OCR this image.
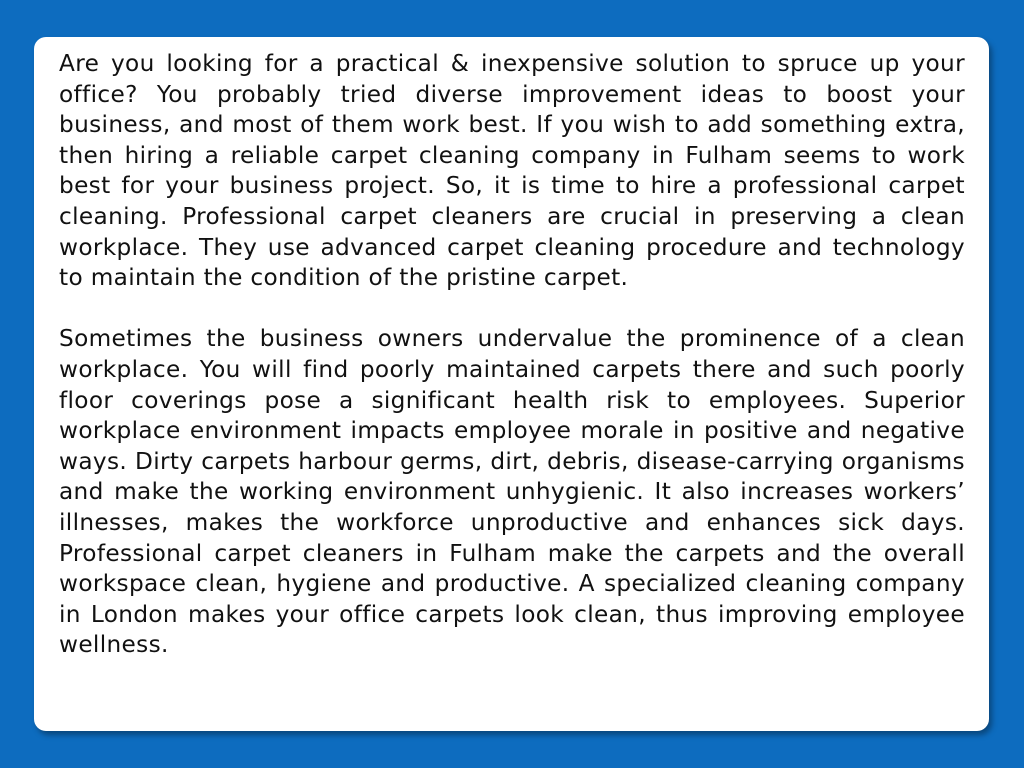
Are you looking for a practical & inexpensive solution to spruce up your office? You probably tried diverse improvement ideas to boost your business, and most of them work best. If you wish to add something extra, then hiring a reliable carpet cleaning company in Fulham seems to work best for your business project. So, it is time to hire a professional carpet cleaning. Professional carpet cleaners are crucial in preserving a clean workplace. They use advanced carpet cleaning procedure and technology to maintain the condition of the pristine carpet.

Sometimes the business owners undervalue the prominence of a clean workplace. You will find poorly maintained carpets there and such poorly floor coverings pose a significant health risk to employees. Superior workplace environment impacts employee morale in positive and negative ways. Dirty carpets harbour germs, dirt, debris, disease-carrying organisms and make the working environment unhygienic. It also increases workers’ illnesses, makes the workforce unproductive and enhances sick days. Professional carpet cleaners in Fulham make the carpets and the overall workspace clean, hygiene and productive. A specialized cleaning company in London makes your office carpets look clean, thus improving employee wellness.
